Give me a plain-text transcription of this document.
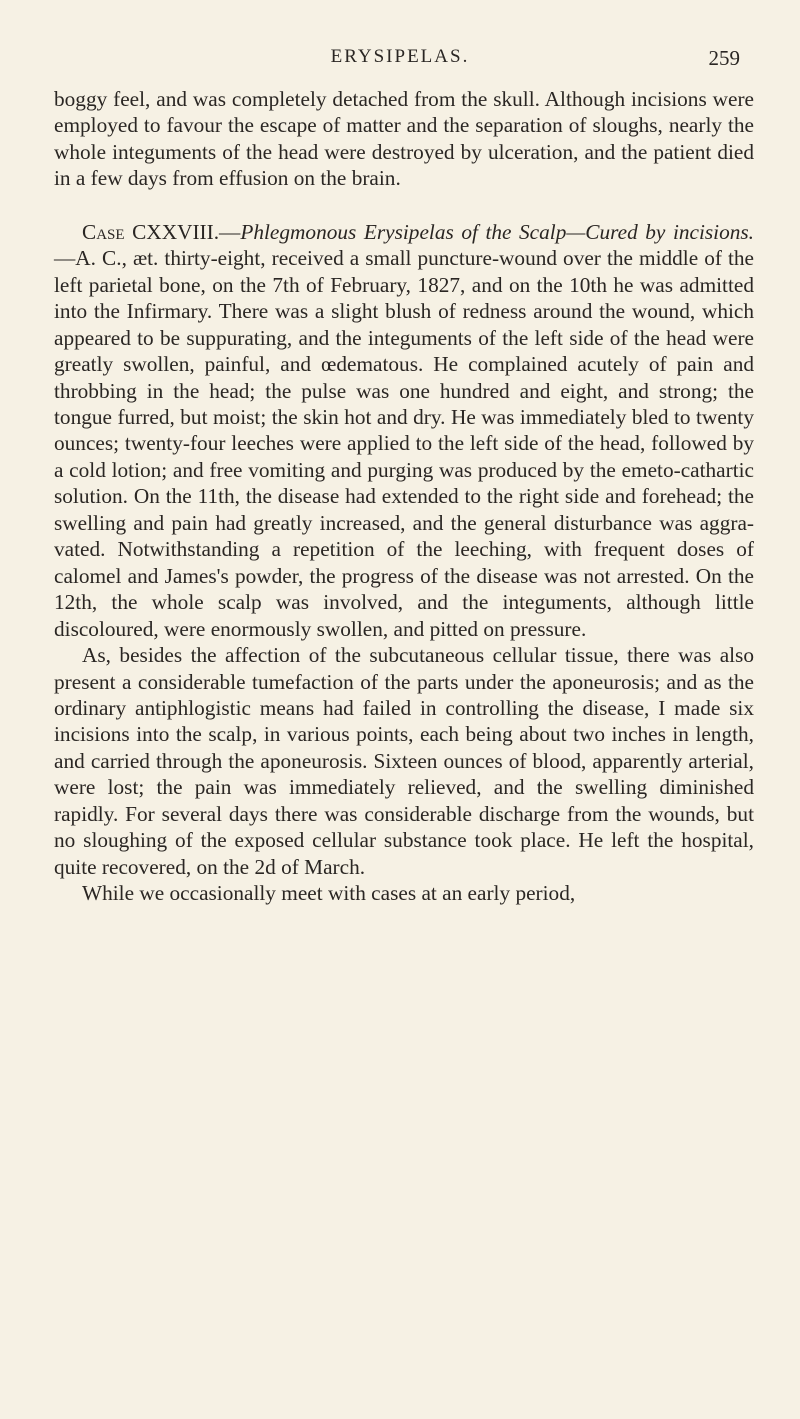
ERYSIPELAS.	259

boggy feel, and was completely detached from the skull. Although incisions were employed to favour the escape of matter and the separation of sloughs, nearly the whole integuments of the head were destroyed by ulceration, and the patient died in a few days from effusion on the brain.

Case CXXVIII.—Phlegmonous Erysipelas of the Scalp—Cured by incisions.—A. C., æt. thirty-eight, received a small puncture-wound over the middle of the left parietal bone, on the 7th of February, 1827, and on the 10th he was admitted into the Infirmary. There was a slight blush of redness around the wound, which appeared to be suppurating, and the integuments of the left side of the head were greatly swollen, painful, and œdematous. He complained acutely of pain and throbbing in the head; the pulse was one hundred and eight, and strong; the tongue furred, but moist; the skin hot and dry. He was immediately bled to twenty ounces; twenty-four leeches were applied to the left side of the head, followed by a cold lotion; and free vomiting and purging was produced by the emeto-cathartic solution. On the 11th, the disease had extended to the right side and forehead; the swelling and pain had greatly increased, and the general disturbance was aggravated. Notwithstanding a repetition of the leeching, with frequent doses of calomel and James's powder, the progress of the disease was not arrested. On the 12th, the whole scalp was involved, and the integuments, although little discoloured, were enormously swollen, and pitted on pressure.

As, besides the affection of the subcutaneous cellular tissue, there was also present a considerable tumefaction of the parts under the aponeurosis; and as the ordinary antiphlogistic means had failed in controlling the disease, I made six incisions into the scalp, in various points, each being about two inches in length, and carried through the aponeurosis. Sixteen ounces of blood, apparently arterial, were lost; the pain was immediately relieved, and the swelling diminished rapidly. For several days there was considerable discharge from the wounds, but no sloughing of the exposed cellular substance took place. He left the hospital, quite recovered, on the 2d of March.

While we occasionally meet with cases at an early period,
